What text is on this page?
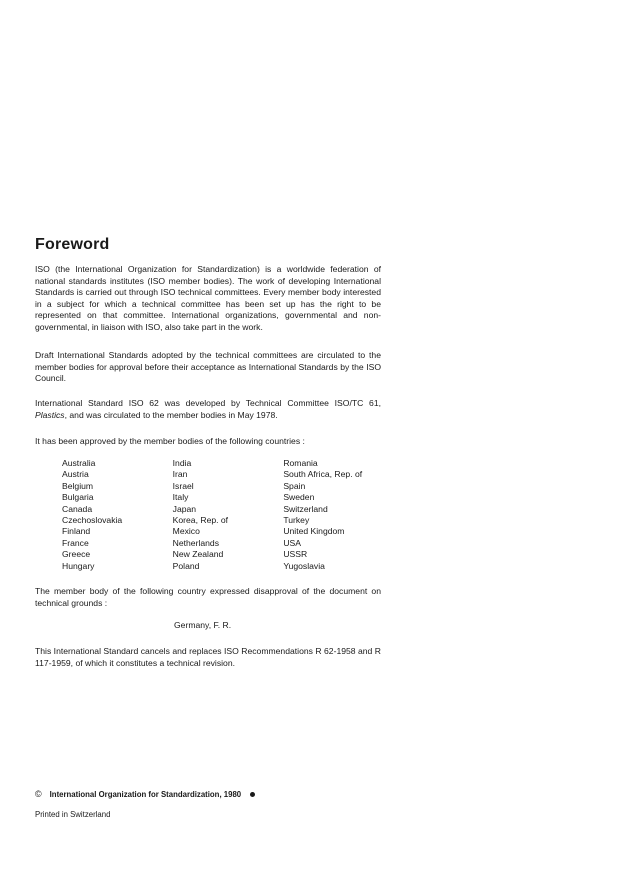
Foreword

ISO (the International Organization for Standardization) is a worldwide federation of national standards institutes (ISO member bodies). The work of developing International Standards is carried out through ISO technical committees. Every member body interested in a subject for which a technical committee has been set up has the right to be represented on that committee. International organizations, governmental and non-governmental, in liaison with ISO, also take part in the work.

Draft International Standards adopted by the technical committees are circulated to the member bodies for approval before their acceptance as International Standards by the ISO Council.

International Standard ISO 62 was developed by Technical Committee ISO/TC 61, Plastics, and was circulated to the member bodies in May 1978.

It has been approved by the member bodies of the following countries :

Australia
Austria
Belgium
Bulgaria
Canada
Czechoslovakia
Finland
France
Greece
Hungary
India
Iran
Israel
Italy
Japan
Korea, Rep. of
Mexico
Netherlands
New Zealand
Poland
Romania
South Africa, Rep. of
Spain
Sweden
Switzerland
Turkey
United Kingdom
USA
USSR
Yugoslavia

The member body of the following country expressed disapproval of the document on technical grounds :

Germany, F. R.

This International Standard cancels and replaces ISO Recommendations R 62-1958 and R 117-1959, of which it constitutes a technical revision.

© International Organization for Standardization, 1980

Printed in Switzerland
